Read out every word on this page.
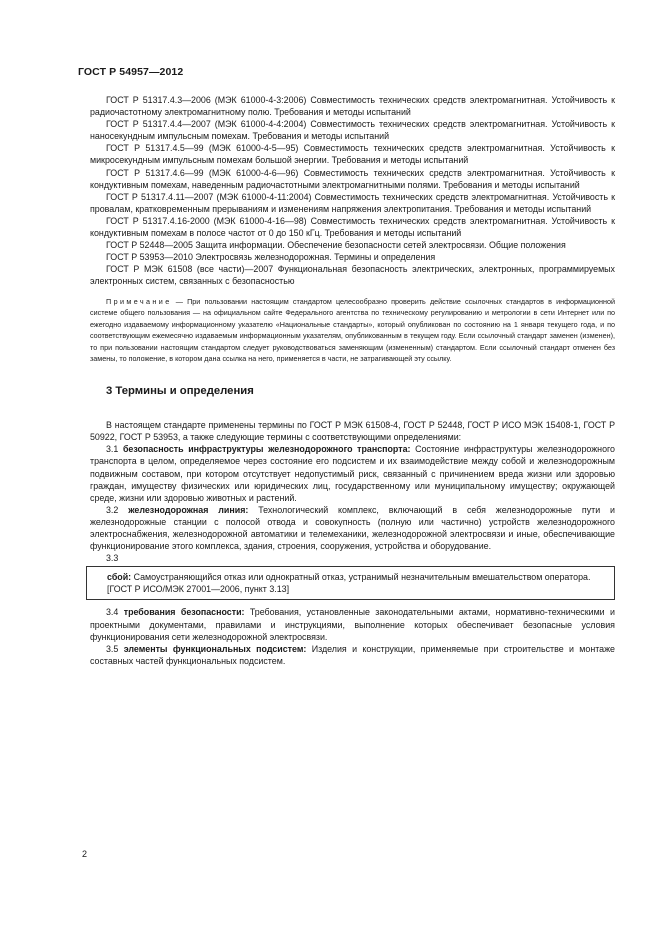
ГОСТ Р 54957—2012

ГОСТ Р 51317.4.3—2006 (МЭК 61000-4-3:2006) Совместимость технических средств электромагнитная. Устойчивость к радиочастотному электромагнитному полю. Требования и методы испытаний

ГОСТ Р 51317.4.4—2007 (МЭК 61000-4-4:2004) Совместимость технических средств электромагнитная. Устойчивость к наносекундным импульсным помехам. Требования и методы испытаний

ГОСТ Р 51317.4.5—99 (МЭК 61000-4-5—95) Совместимость технических средств электромагнитная. Устойчивость к микросекундным импульсным помехам большой энергии. Требования и методы испытаний

ГОСТ Р 51317.4.6—99 (МЭК 61000-4-6—96) Совместимость технических средств электромагнитная. Устойчивость к кондуктивным помехам, наведенным радиочастотными электромагнитными полями. Требования и методы испытаний

ГОСТ Р 51317.4.11—2007 (МЭК 61000-4-11:2004) Совместимость технических средств электромагнитная. Устойчивость к провалам, кратковременным прерываниям и изменениям напряжения электропитания. Требования и методы испытаний

ГОСТ Р 51317.4.16-2000 (МЭК 61000-4-16—98) Совместимость технических средств электромагнитная. Устойчивость к кондуктивным помехам в полосе частот от 0 до 150 кГц. Требования и методы испытаний

ГОСТ Р 52448—2005 Защита информации. Обеспечение безопасности сетей электросвязи. Общие положения

ГОСТ Р 53953—2010 Электросвязь железнодорожная. Термины и определения

ГОСТ Р МЭК 61508 (все части)—2007 Функциональная безопасность электрических, электронных, программируемых электронных систем, связанных с безопасностью

Примечание — При пользовании настоящим стандартом целесообразно проверить действие ссылочных стандартов в информационной системе общего пользования — на официальном сайте Федерального агентства по техническому регулированию и метрологии в сети Интернет или по ежегодно издаваемому информационному указателю «Национальные стандарты», который опубликован по состоянию на 1 января текущего года, и по соответствующим ежемесячно издаваемым информационным указателям, опубликованным в текущем году. Если ссылочный стандарт заменен (изменен), то при пользовании настоящим стандартом следует руководствоваться заменяющим (измененным) стандартом. Если ссылочный стандарт отменен без замены, то положение, в котором дана ссылка на него, применяется в части, не затрагивающей эту ссылку.

3 Термины и определения

В настоящем стандарте применены термины по ГОСТ Р МЭК 61508-4, ГОСТ Р 52448, ГОСТ Р ИСО МЭК 15408-1, ГОСТ Р 50922, ГОСТ Р 53953, а также следующие термины с соответствующими определениями:

3.1 безопасность инфраструктуры железнодорожного транспорта: Состояние инфраструктуры железнодорожного транспорта в целом, определяемое через состояние его подсистем и их взаимодействие между собой и железнодорожным подвижным составом, при котором отсутствует недопустимый риск, связанный с причинением вреда жизни или здоровью граждан, имуществу физических или юридических лиц, государственному или муниципальному имуществу; окружающей среде, жизни или здоровью животных и растений.

3.2 железнодорожная линия: Технологический комплекс, включающий в себя железнодорожные пути и железнодорожные станции с полосой отвода и совокупность (полную или частично) устройств железнодорожного электроснабжения, железнодорожной автоматики и телемеханики, железнодорожной электросвязи и иные, обеспечивающие функционирование этого комплекса, здания, строения, сооружения, устройства и оборудование.

3.3

сбой: Самоустраняющийся отказ или однократный отказ, устранимый незначительным вмешательством оператора.

[ГОСТ Р ИСО/МЭК 27001—2006, пункт 3.13]

3.4 требования безопасности: Требования, установленные законодательными актами, нормативно-техническими и проектными документами, правилами и инструкциями, выполнение которых обеспечивает безопасные условия функционирования сети железнодорожной электросвязи.

3.5 элементы функциональных подсистем: Изделия и конструкции, применяемые при строительстве и монтаже составных частей функциональных подсистем.

2
